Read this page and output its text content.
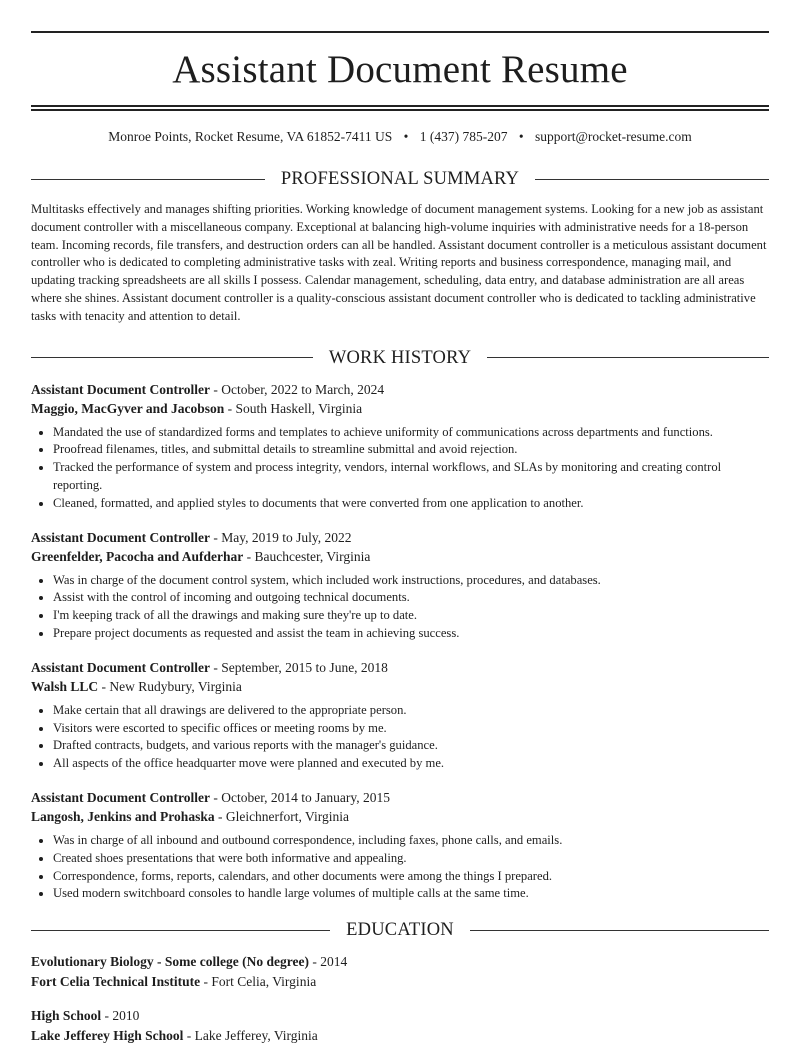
Assistant Document Resume
Monroe Points, Rocket Resume, VA 61852-7411 US • 1 (437) 785-207 • support@rocket-resume.com
PROFESSIONAL SUMMARY

Multitasks effectively and manages shifting priorities. Working knowledge of document management systems. Looking for a new job as assistant document controller with a miscellaneous company. Exceptional at balancing high-volume inquiries with administrative needs for a 18-person team. Incoming records, file transfers, and destruction orders can all be handled. Assistant document controller is a meticulous assistant document controller who is dedicated to completing administrative tasks with zeal. Writing reports and business correspondence, managing mail, and updating tracking spreadsheets are all skills I possess. Calendar management, scheduling, data entry, and database administration are all areas where she shines. Assistant document controller is a quality-conscious assistant document controller who is dedicated to tackling administrative tasks with tenacity and attention to detail.

WORK HISTORY
Assistant Document Controller - October, 2022 to March, 2024
Maggio, MacGyver and Jacobson - South Haskell, Virginia
• Mandated the use of standardized forms and templates to achieve uniformity of communications across departments and functions.
• Proofread filenames, titles, and submittal details to streamline submittal and avoid rejection.
• Tracked the performance of system and process integrity, vendors, internal workflows, and SLAs by monitoring and creating control reporting.
• Cleaned, formatted, and applied styles to documents that were converted from one application to another.
Assistant Document Controller - May, 2019 to July, 2022
Greenfelder, Pacocha and Aufderhar - Bauchcester, Virginia
• Was in charge of the document control system, which included work instructions, procedures, and databases.
• Assist with the control of incoming and outgoing technical documents.
• I'm keeping track of all the drawings and making sure they're up to date.
• Prepare project documents as requested and assist the team in achieving success.
Assistant Document Controller - September, 2015 to June, 2018
Walsh LLC - New Rudybury, Virginia
• Make certain that all drawings are delivered to the appropriate person.
• Visitors were escorted to specific offices or meeting rooms by me.
• Drafted contracts, budgets, and various reports with the manager's guidance.
• All aspects of the office headquarter move were planned and executed by me.
Assistant Document Controller - October, 2014 to January, 2015
Langosh, Jenkins and Prohaska - Gleichnerfort, Virginia
• Was in charge of all inbound and outbound correspondence, including faxes, phone calls, and emails.
• Created shoes presentations that were both informative and appealing.
• Correspondence, forms, reports, calendars, and other documents were among the things I prepared.
• Used modern switchboard consoles to handle large volumes of multiple calls at the same time.
EDUCATION
Evolutionary Biology - Some college (No degree) - 2014
Fort Celia Technical Institute - Fort Celia, Virginia
High School - 2010
Lake Jefferey High School - Lake Jefferey, Virginia
